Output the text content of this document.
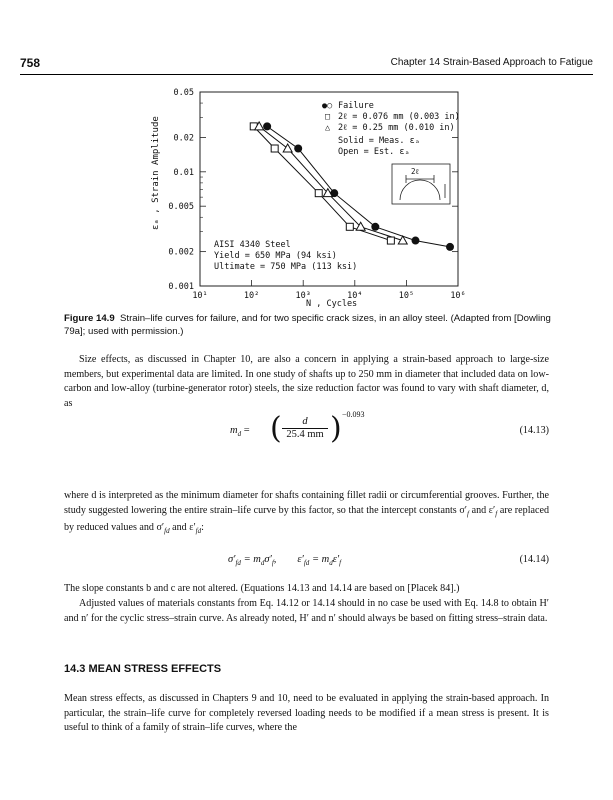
758	Chapter 14 Strain-Based Approach to Fatigue
0.05
0.02
0.01
0.005
0.002
0.001
10¹	10²	10³	10⁴	10⁵	10⁶
εₐ , Strain Amplitude
N , Cycles
●○ Failure
□ 2ℓ = 0.076 mm (0.003 in)
△ 2ℓ = 0.25 mm (0.010 in)
Solid = Meas. εₐ
Open = Est. εₐ
2ℓ
AISI 4340 Steel
Yield = 650 MPa (94 ksi)
Ultimate = 750 MPa (113 ksi)
Figure 14.9 Strain–life curves for failure, and for two specific crack sizes, in an alloy steel. (Adapted from [Dowling 79a]; used with permission.)
Size effects, as discussed in Chapter 10, are also a concern in applying a strain-based approach to large-size members, but experimental data are limited. In one study of shafts up to 250 mm in diameter that included data on low-carbon and low-alloy (turbine-generator rotor) steels, the size reduction factor was found to vary with shaft diameter, d, as
$m_d$ = (	d
25.4 mm ) −0.093
(14.13)
where d is interpreted as the minimum diameter for shafts containing fillet radii or circumferential grooves. Further, the study suggested lowering the entire strain–life curve by this factor, so that the intercept constants $\sigma'_f$ and $\varepsilon'_f$ are replaced by reduced values and $\sigma'_{fd}$ and $\varepsilon'_{fd}$:
$\sigma'_{fd} = m_d\sigma'_f$,        $\varepsilon'_{fd} = m_d\varepsilon'_f$	(14.14)
The slope constants b and c are not altered. (Equations 14.13 and 14.14 are based on [Placek 84].)
Adjusted values of materials constants from Eq. 14.12 or 14.14 should in no case be used with Eq. 14.8 to obtain H′ and n′ for the cyclic stress–strain curve. As already noted, H′ and n′ should always be based on fitting stress–strain data.
14.3 MEAN STRESS EFFECTS
Mean stress effects, as discussed in Chapters 9 and 10, need to be evaluated in applying the strain-based approach. In particular, the strain–life curve for completely reversed loading needs to be modified if a mean stress is present. It is useful to think of a family of strain–life curves, where the
